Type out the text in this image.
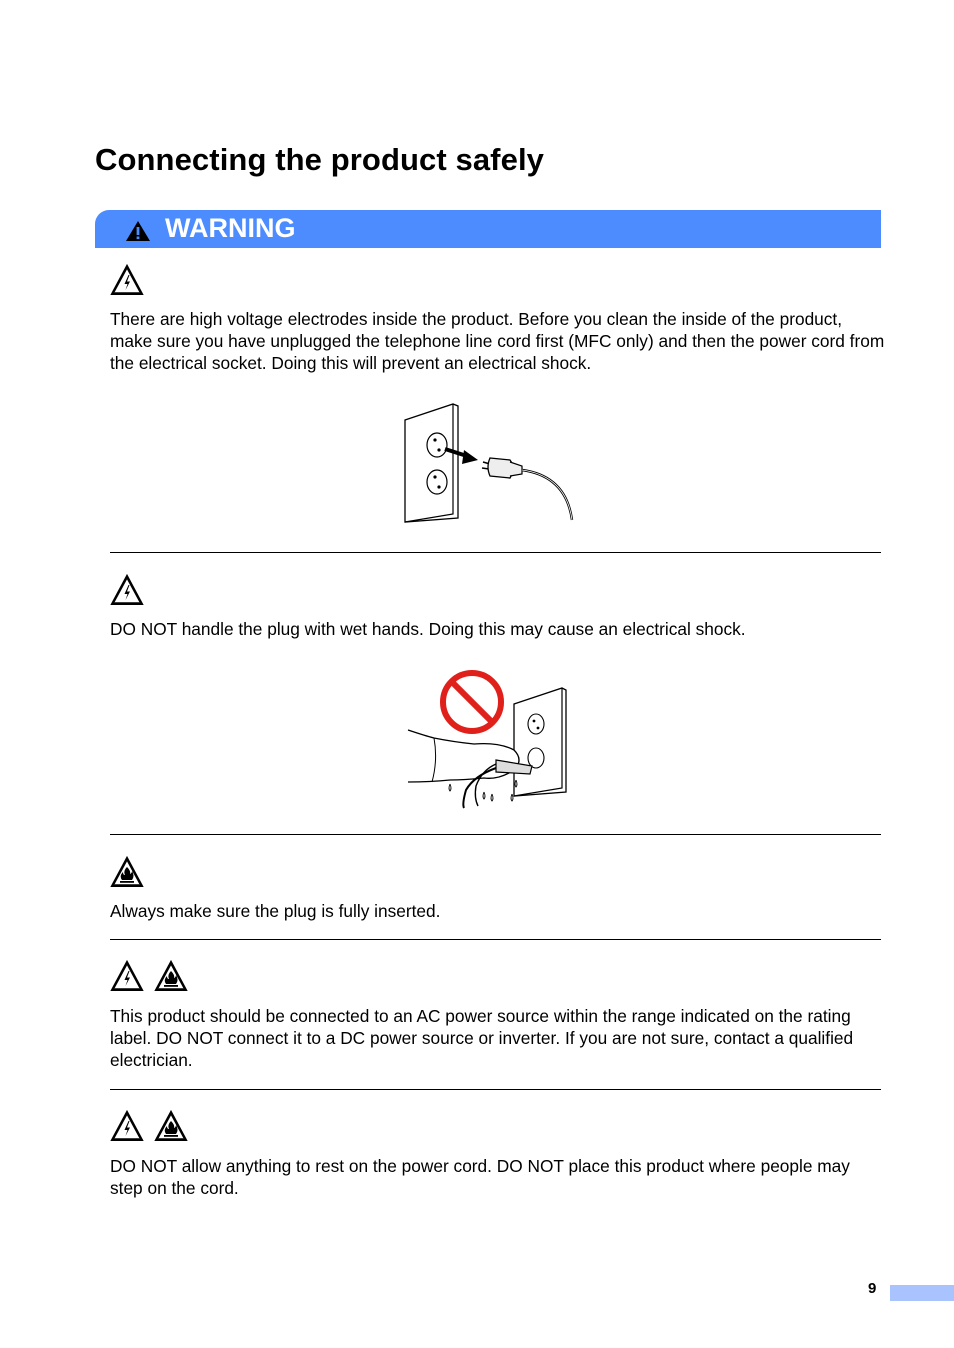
Connecting the product safely
WARNING

There are high voltage electrodes inside the product. Before you clean the inside of the product, make sure you have unplugged the telephone line cord first (MFC only) and then the power cord from the electrical socket. Doing this will prevent an electrical shock.

DO NOT handle the plug with wet hands. Doing this may cause an electrical shock.

Always make sure the plug is fully inserted.

This product should be connected to an AC power source within the range indicated on the rating label. DO NOT connect it to a DC power source or inverter. If you are not sure, contact a qualified electrician.

DO NOT allow anything to rest on the power cord. DO NOT place this product where people may step on the cord.

9
